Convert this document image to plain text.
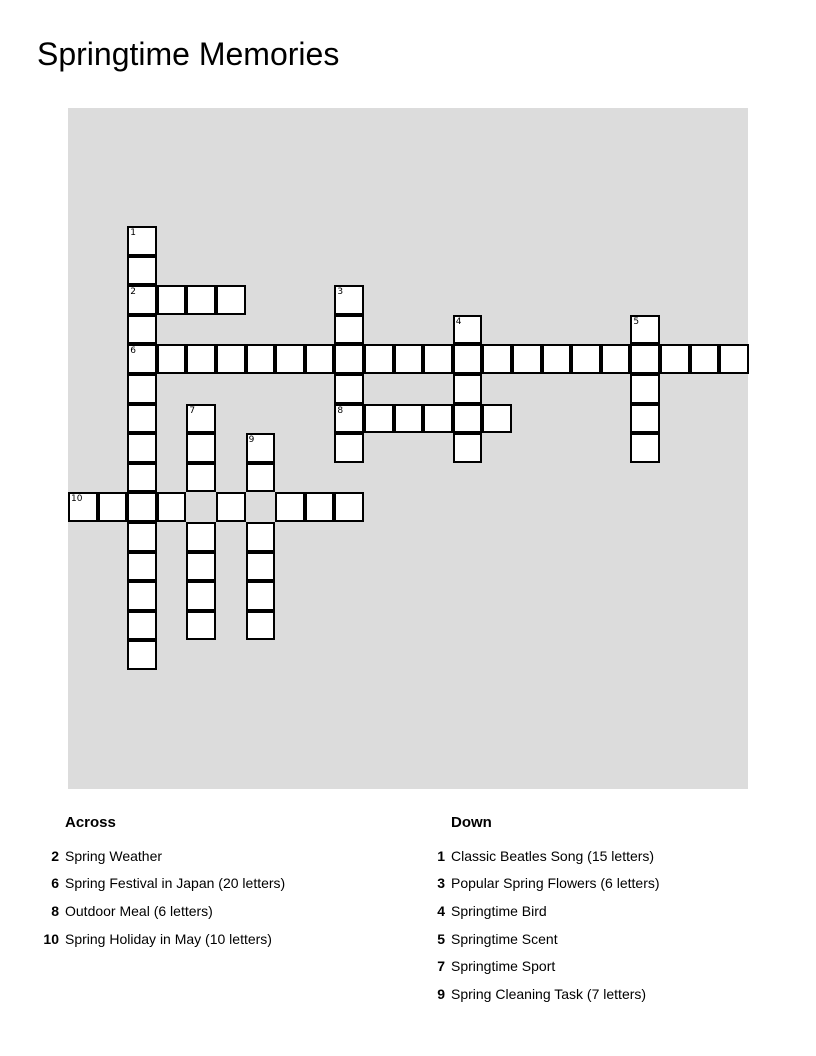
Springtime Memories
1
2
6
3
8
4	5
7
9
10
Across
2 Spring Weather
6 Spring Festival in Japan (20 letters)
8 Outdoor Meal (6 letters)
10 Spring Holiday in May (10 letters)
Down
1 Classic Beatles Song (15 letters)
3 Popular Spring Flowers (6 letters)
4 Springtime Bird
5 Springtime Scent
7 Springtime Sport
9 Spring Cleaning Task (7 letters)
